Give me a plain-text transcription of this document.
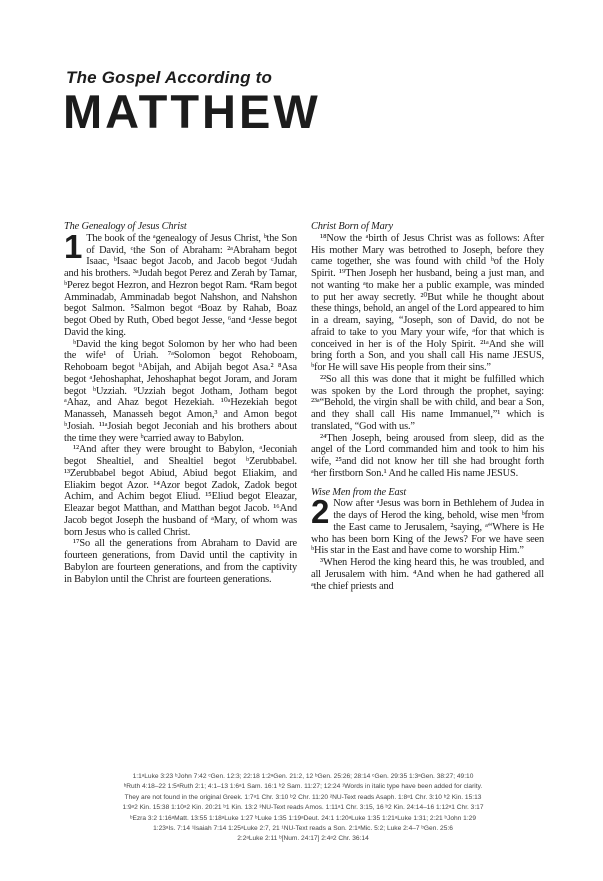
The Gospel According to
MATTHEW

The Genealogy of Jesus Christ

1 The book of the ᵃgenealogy of Jesus Christ, ᵇthe Son of David, ᶜthe Son of Abraham: ²ᵃAbraham begot Isaac, ᵇIsaac begot Jacob, and Jacob begot ᶜJudah and his brothers. ³ᵃJudah begot Perez and Zerah by Tamar, ᵇPerez begot Hezron, and Hezron begot Ram. ⁴Ram begot Amminadab, Amminadab begot Nahshon, and Nahshon begot Salmon. ⁵Salmon begot ᵃBoaz by Rahab, Boaz begot Obed by Ruth, Obed begot Jesse, ⁶and ᵃJesse begot David the king.

ᵇDavid the king begot Solomon by her who had been the wife¹ of Uriah. ⁷ᵃSolomon begot Rehoboam, Rehoboam begot ᵇAbijah, and Abijah begot Asa.² ⁸Asa begot ᵃJehoshaphat, Jehoshaphat begot Joram, and Joram begot ᵇUzziah. ⁹Uzziah begot Jotham, Jotham begot ᵃAhaz, and Ahaz begot Hezekiah. ¹⁰ᵃHezekiah begot Manasseh, Manasseh begot Amon,³ and Amon begot ᵇJosiah. ¹¹ᵃJosiah begot Jeconiah and his brothers about the time they were ᵇcarried away to Babylon.

¹²And after they were brought to Babylon, ᵃJeconiah begot Shealtiel, and Shealtiel begot ᵇZerubbabel. ¹³Zerubbabel begot Abiud, Abiud begot Eliakim, and Eliakim begot Azor. ¹⁴Azor begot Zadok, Zadok begot Achim, and Achim begot Eliud. ¹⁵Eliud begot Eleazar, Eleazar begot Matthan, and Matthan begot Jacob. ¹⁶And Jacob begot Joseph the husband of ᵃMary, of whom was born Jesus who is called Christ.

¹⁷So all the generations from Abraham to David are fourteen generations, from David until the captivity in Babylon are fourteen generations, and from the captivity in Babylon until the Christ are fourteen generations.

Christ Born of Mary

¹⁸Now the ᵃbirth of Jesus Christ was as follows: After His mother Mary was betrothed to Joseph, before they came together, she was found with child ᵇof the Holy Spirit. ¹⁹Then Joseph her husband, being a just man, and not wanting ᵃto make her a public example, was minded to put her away secretly. ²⁰But while he thought about these things, behold, an angel of the Lord appeared to him in a dream, saying, “Joseph, son of David, do not be afraid to take to you Mary your wife, ᵃfor that which is conceived in her is of the Holy Spirit. ²¹ᵃAnd she will bring forth a Son, and you shall call His name JESUS, ᵇfor He will save His people from their sins.”

²²So all this was done that it might be fulfilled which was spoken by the Lord through the prophet, saying: ²³ᵃ“Behold, the virgin shall be with child, and bear a Son, and they shall call His name Immanuel,”¹ which is translated, “God with us.”

²⁴Then Joseph, being aroused from sleep, did as the angel of the Lord commanded him and took to him his wife, ²⁵and did not know her till she had brought forth ᵃher firstborn Son.¹ And he called His name JESUS.

Wise Men from the East

2 Now after ᵃJesus was born in Bethlehem of Judea in the days of Herod the king, behold, wise men ᵇfrom the East came to Jerusalem, ²saying, ᵃ“Where is He who has been born King of the Jews? For we have seen ᵇHis star in the East and have come to worship Him.”

³When Herod the king heard this, he was troubled, and all Jerusalem with him. ⁴And when he had gathered all ᵃthe chief priests and

1:1ᵃLuke 3:23 ᵇJohn 7:42 ᶜGen. 12:3; 22:18 1:2ᵃGen. 21:2, 12 ᵇGen. 25:26; 28:14 ᶜGen. 29:35 1:3ᵃGen. 38:27; 49:10

ᵇRuth 4:18–22 1:5ᵃRuth 2:1; 4:1–13 1:6ᵃ1 Sam. 16:1 ᵇ2 Sam. 11:27; 12:24 ¹Words in italic type have been added for clarity.

They are not found in the original Greek. 1:7ᵃ1 Chr. 3:10 ᵇ2 Chr. 11:20 ²NU-Text reads Asaph. 1:8ᵃ1 Chr. 3:10 ᵇ2 Kin. 15:13

1:9ᵃ2 Kin. 15:38 1:10ᵃ2 Kin. 20:21 ᵇ1 Kin. 13:2 ³NU-Text reads Amos. 1:11ᵃ1 Chr. 3:15, 16 ᵇ2 Kin. 24:14–16 1:12ᵃ1 Chr. 3:17

ᵇEzra 3:2 1:16ᵃMatt. 13:55 1:18ᵃLuke 1:27 ᵇLuke 1:35 1:19ᵃDeut. 24:1 1:20ᵃLuke 1:35 1:21ᵃLuke 1:31; 2:21 ᵇJohn 1:29

1:23ᵃIs. 7:14 ¹Isaiah 7:14 1:25ᵃLuke 2:7, 21 ¹NU-Text reads a Son. 2:1ᵃMic. 5:2; Luke 2:4–7 ᵇGen. 25:6

2:2ᵃLuke 2:11 ᵇ[Num. 24:17] 2:4ᵃ2 Chr. 36:14
